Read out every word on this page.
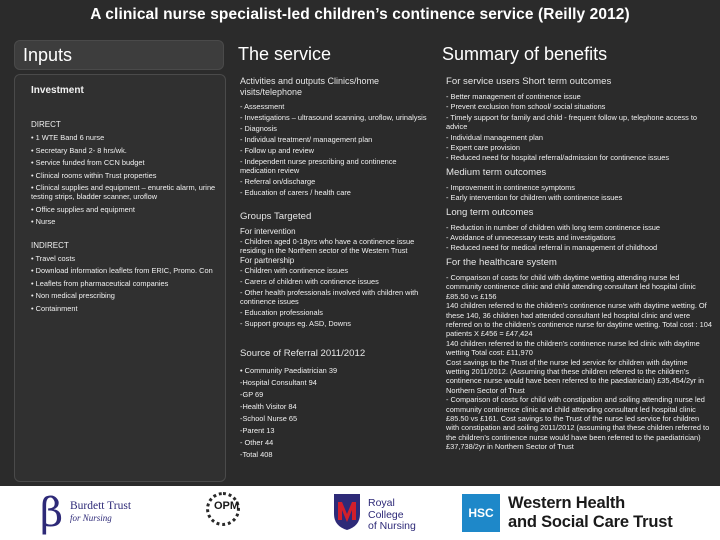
A clinical nurse specialist-led children’s continence service (Reilly 2012)
Inputs	The service	Summary of benefits
Investment
DIRECT
• 1 WTE Band 6 nurse
• Secretary Band 2- 8 hrs/wk.
• Service funded from CCN budget
• Clinical rooms within Trust properties
• Clinical supplies and equipment – enuretic alarm, urine testing strips, bladder scanner, uroflow
• Office supplies and equipment
• Nurse
INDIRECT
• Travel costs
• Download information leaflets from ERIC, Promo. Con
• Leaflets from pharmaceutical companies
• Non medical prescribing
• Containment
Activities and outputs Clinics/home visits/telephone
- Assessment
- Investigations – ultrasound scanning, uroflow, urinalysis
- Diagnosis
- Individual treatment/ management plan
- Follow up and review
- Independent nurse prescribing and continence medication review
- Referral on/discharge
- Education of carers / health care
Groups Targeted
For intervention
- Children aged 0-18yrs who have a continence issue residing in the Northern sector of the Western Trust
For partnership
- Children with continence issues
- Carers of children with continence issues
- Other health professionals involved with children with continence issues
- Education professionals
- Support groups eg. ASD, Downs
Source of Referral 2011/2012
• Community Paediatrician 39
-Hospital Consultant 94
-GP 69
-Health Visitor 84
-School Nurse 65
-Parent 13
- Other 44
-Total 408
For service users Short term outcomes
- Better management of continence issue
- Prevent exclusion from school/ social situations
- Timely support for family and child - frequent follow up, telephone access to advice
- Individual management plan
- Expert care provision
- Reduced need for hospital referral/admission for continence issues
Medium term outcomes
- Improvement in continence symptoms
- Early intervention for children with continence issues
Long term outcomes
- Reduction in number of children with long term continence issue
- Avoidance of unnecessary tests and investigations
- Reduced need for medical referral in management of childhood
For the healthcare system
- Comparison of costs for child with daytime wetting attending nurse led community continence clinic and child attending consultant led hospital clinic £85.50 vs £156
140 children referred to the children’s continence nurse with daytime wetting. Of these 140, 36 children had attended consultant led hospital clinic and were referred on to the children’s continence nurse for daytime wetting. Total cost : 104 patients X £456 = £47,424
140 children referred to the children’s continence nurse led clinic with daytime wetting Total cost: £11,970
Cost savings to the Trust of the nurse led service for children with daytime wetting 2011/2012. (Assuming that these children referred to the children’s continence nurse would have been referred to the paediatrician) £35,454/2yr in Northern Sector of Trust
- Comparison of costs for child with constipation and soiling attending nurse led community continence clinic and child attending consultant led hospital clinic £85.50 vs £161. Cost savings to the Trust of the nurse led service for children with constipation and soiling 2011/2012 (assuming that these children referred to the children’s continence nurse would have been referred to the paediatrician) £37,738/2yr in Northern Sector of Trust
β Burdett Trust
for Nursing
OPM	Royal College
of Nursing
HSC
Western Health
and Social Care Trust
